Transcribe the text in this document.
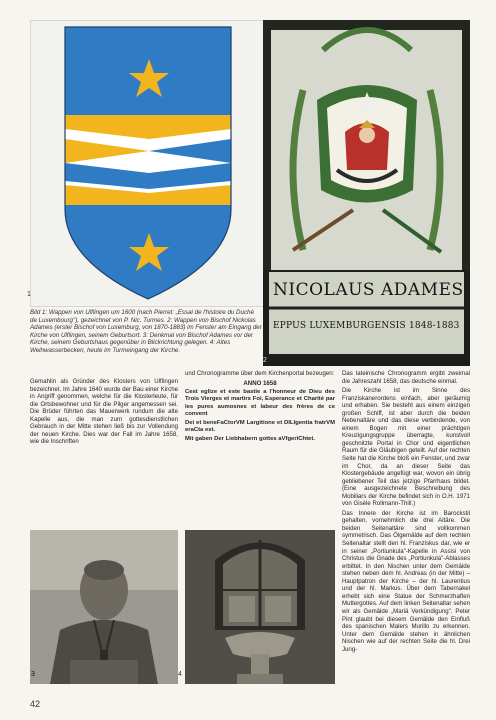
1	NICOLAUS ADAMES
EPPUS LUXEMBURGENSIS 1848-1883
2
Bild 1: Wappen von Ulflingen um 1600 (nach Pierret: „Essai de l'histoire du Duché de Luxembourg"), gezeichnet von P. Nic. Turmes. 2: Wappen von Bischof Nickolas Adames (erster Bischof von Luxemburg, von 1870-1883) im Fenster am Eingang der Kirche von Ulflingen, seinem Geburtsort. 3: Denkmal von Bischof Adames vor der Kirche, seinem Geburtshaus gegenüber in Blickrichtung gelegen. 4: Altes Weihwasserbecken, heute im Turmeingang der Kirche.

Gemahlin als Gründer des Klosters von Ulflingen bezeichnet. Im Jahre 1640 wurde der Bau einer Kirche in Angriff genommen, welche für die Klosterleute, für die Ortsbewohner und für die Pilger angemessen sei. Die Brüder führten das Mauerwerk rundum die alte Kapelle aus, die man zum gottesdienstlichen Gebrauch in der Mitte stehen ließ bis zur Vollendung der neuen Kirche. Dies war der Fall im Jahre 1658, wie die Inschriften

und Chronogramme über dem Kirchenportal bezeugen:

ANNO 1658

Cest eglize et este bastie a l'honneur de Dieu des Trois Vierges et martirs Foi, Esperance et Charité par les pures aumosnes et labeur des frères de ce convent

Dei et beneFaCtorVM Largitione et DILIgentia fratrVM eraCta est.

Mit gaben Der Liebhabern gottes aVfgeriChtet.

Das lateinische Chronogramm ergibt zweimal die Jahreszahl 1658, das deutsche einmal.

Die Kirche ist im Sinne des Franziskanerordens einfach, aber geräumig und erhaben. Sie besteht aus einem einzigen großen Schiff, ist aber durch die beiden Nebenaltäre und das diese verbindende, von einem Bogen mit einer prächtigen Kreuzigungsgruppe überragte, kunstvoll geschnitzte Portal in Chor und eigentlichen Raum für die Gläubigen geteilt. Auf der rechten Seite hat die Kirche bloß ein Fenster, und zwar im Chor, da an dieser Seite das Klostergebäude angefügt war, wovon ein übrig gebliebener Teil das jetzige Pfarrhaus bildet. (Eine ausgezeichnete Beschreibung des Mobiliars der Kirche befindet sich in O.H. 1971 von Gisèle Rollmann-Thill.)

Das Innere der Kirche ist im Barockstil gehalten, vornehmlich die drei Altäre. Die beiden Seitenaltäre sind vollkommen symmetrisch. Das Ölgemälde auf dem rechten Seitenaltar stellt den hl. Franziskus dar, wie er in seiner „Portiunkula"-Kapelle in Assisi von Christus die Gnade des „Portiunkula"-Ablasses erbittet. In den Nischen unter dem Gemälde stehen neben dem hl. Andreas (in der Mitte) – Hauptpatron der Kirche – der hl. Laurentius und der hl. Markus. Über dem Tabernakel erhebt sich eine Statue der Schmerzhaften Muttergottes. Auf dem linken Seitenaltar sehen wir als Gemälde „Mariä Verkündigung". Peter Pint glaubt bei diesem Gemälde den Einfluß des spanischen Malers Murillo zu erkennen. Unter dem Gemälde stehen in ähnlichen Nischen wie auf der rechten Seite die hl. Drei Jung-

3	4
42
